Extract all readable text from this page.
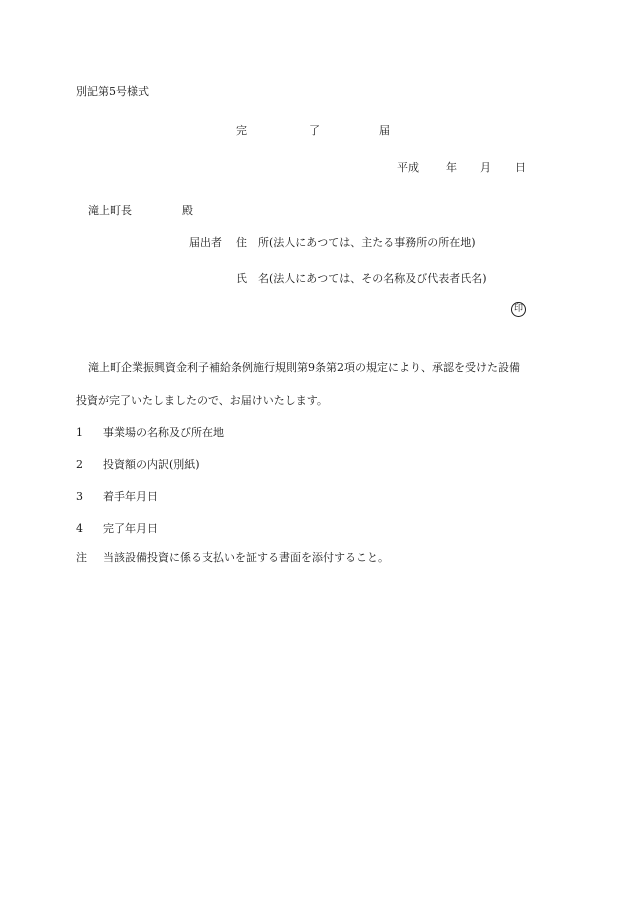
別記第5号様式
完	了	届
平成 年 月 日
滝上町長	殿
届出者 住　所(法人にあつては、主たる事務所の所在地)
氏　名(法人にあつては、その名称及び代表者氏名)
印
滝上町企業振興資金利子補給条例施行規則第9条第2項の規定により、承認を受けた設備
投資が完了いたしましたので、お届けいたします。
1 事業場の名称及び所在地
2 投資額の内訳(別紙)
3 着手年月日
4 完了年月日
注 当該設備投資に係る支払いを証する書面を添付すること。
